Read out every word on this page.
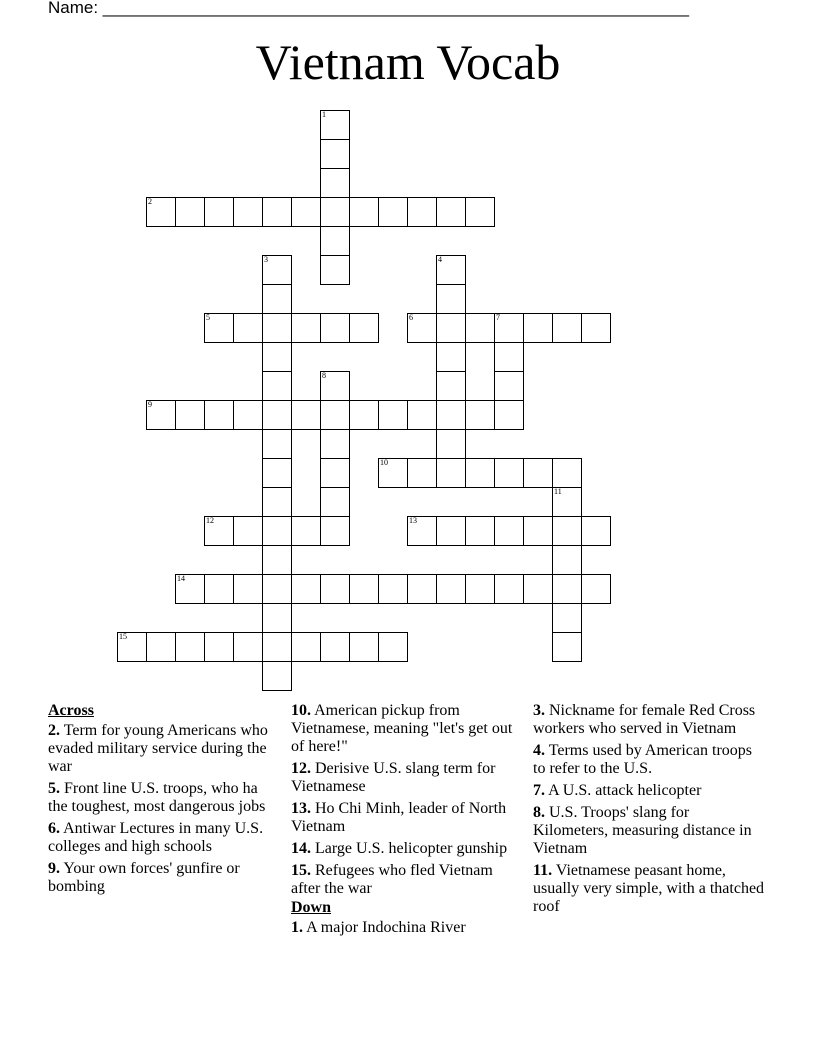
Name: ______________________________________________________________
Vietnam Vocab
1
2
3	4
5	6	7
8
9
10
11
12	13
14
15
Across
2. Term for young Americans who evaded military service during the war
5. Front line U.S. troops, who ha the toughest, most dangerous jobs
6. Antiwar Lectures in many U.S. colleges and high schools
9. Your own forces' gunfire or bombing
10. American pickup from Vietnamese, meaning "let's get out of here!"
12. Derisive U.S. slang term for Vietnamese
13. Ho Chi Minh, leader of North Vietnam
14. Large U.S. helicopter gunship
15. Refugees who fled Vietnam after the war
Down
1. A major Indochina River
3. Nickname for female Red Cross workers who served in Vietnam
4. Terms used by American troops to refer to the U.S.
7. A U.S. attack helicopter
8. U.S. Troops' slang for Kilometers, measuring distance in Vietnam
11. Vietnamese peasant home, usually very simple, with a thatched roof
